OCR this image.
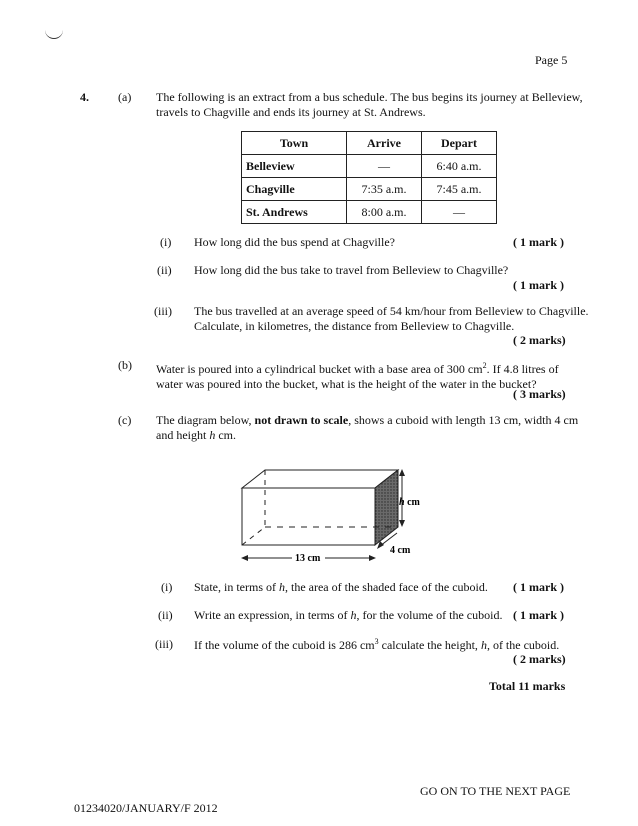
Page 5
4. (a) The following is an extract from a bus schedule. The bus begins its journey at Belleview,
travels to Chagville and ends its journey at St. Andrews.
Town	Arrive	Depart
Belleview	—	6:40 a.m.
Chagville	7:35 a.m.	7:45 a.m.
St. Andrews	8:00 a.m.	—
(i) How long did the bus spend at Chagville?	( 1 mark )
(ii) How long did the bus take to travel from Belleview to Chagville?
( 1 mark )
(iii) The bus travelled at an average speed of 54 km/hour from Belleview to Chagville.
Calculate, in kilometres, the distance from Belleview to Chagville.
( 2 marks)
(b) Water is poured into a cylindrical bucket with a base area of 300 $cm^2$. If 4.8 litres of
water was poured into the bucket, what is the height of the water in the bucket?
( 3 marks)
(c) The diagram below, not drawn to scale, shows a cuboid with length 13 cm, width 4 cm
and height h cm.
h cm
4 cm
13 cm
(i) State, in terms of h, the area of the shaded face of the cuboid. ( 1 mark )
(ii) Write an expression, in terms of h, for the volume of the cuboid. ( 1 mark )
(iii) If the volume of the cuboid is 286 $cm^3$ calculate the height, h, of the cuboid.
( 2 marks)
Total 11 marks
GO ON TO THE NEXT PAGE
01234020/JANUARY/F 2012
